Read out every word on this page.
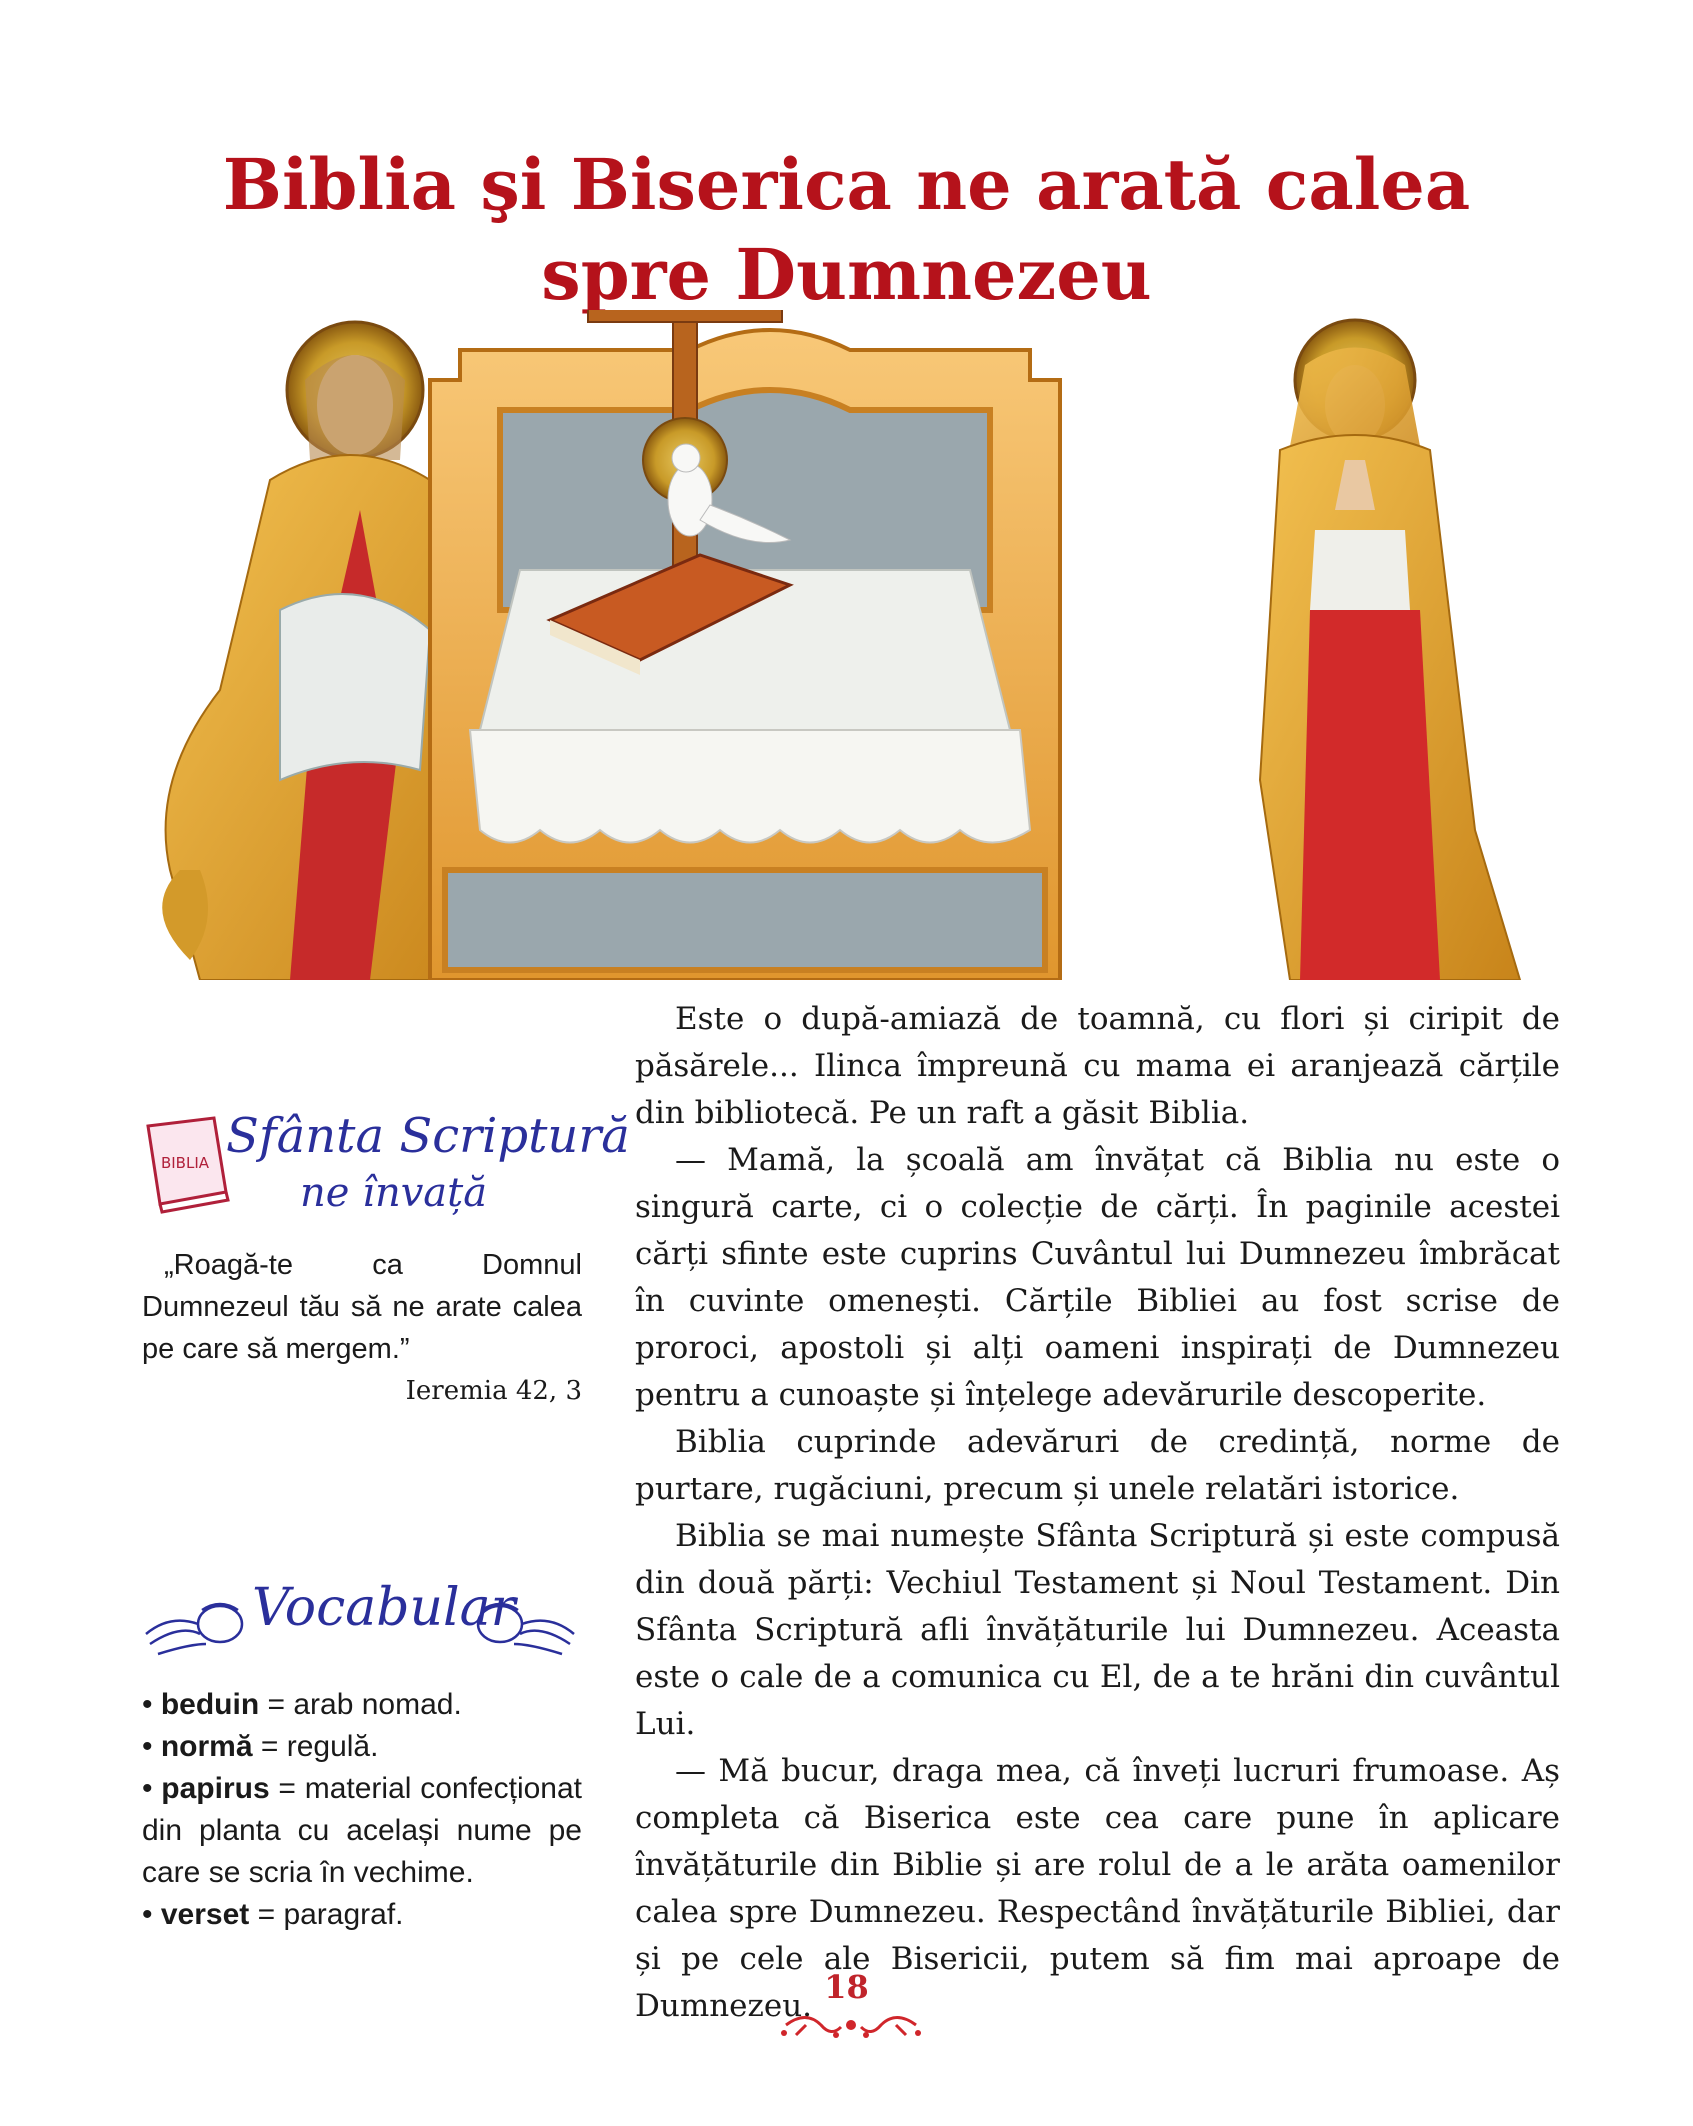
Biblia şi Biserica ne arată calea
spre Dumnezeu
BIBLIA Sfânta Scriptură
ne învață
„Roagă-te ca Domnul Dumnezeul tău să ne arate calea pe care să mergem.”
Ieremia 42, 3
Vocabular
• beduin = arab nomad.
• normă = regulă.
• papirus = material confecționat din planta cu același nume pe care se scria în vechime.
• verset = paragraf.

Este o după-amiază de toamnă, cu flori și ciripit de păsărele... Ilinca împreună cu mama ei aranjează cărțile din bibliotecă. Pe un raft a găsit Biblia.

— Mamă, la școală am învățat că Biblia nu este o singură carte, ci o colecție de cărți. În paginile acestei cărți sfinte este cuprins Cuvântul lui Dumnezeu îmbrăcat în cuvinte omenești. Cărțile Bibliei au fost scrise de proroci, apostoli și alți oameni inspirați de Dumnezeu pentru a cunoaște și înțelege adevărurile descoperite.

Biblia cuprinde adevăruri de credință, norme de purtare, rugăciuni, precum și unele relatări istorice.

Biblia se mai numește Sfânta Scriptură și este compusă din două părți: Vechiul Testament și Noul Testament. Din Sfânta Scriptură afli învățăturile lui Dumnezeu. Aceasta este o cale de a comunica cu El, de a te hrăni din cuvântul Lui.

— Mă bucur, draga mea, că înveți lucruri frumoase. Aș completa că Biserica este cea care pune în aplicare învățăturile din Biblie și are rolul de a le arăta oamenilor calea spre Dumnezeu. Respectând învățăturile Bibliei, dar și pe cele ale Bisericii, putem să fim mai aproape de Dumnezeu. 18
